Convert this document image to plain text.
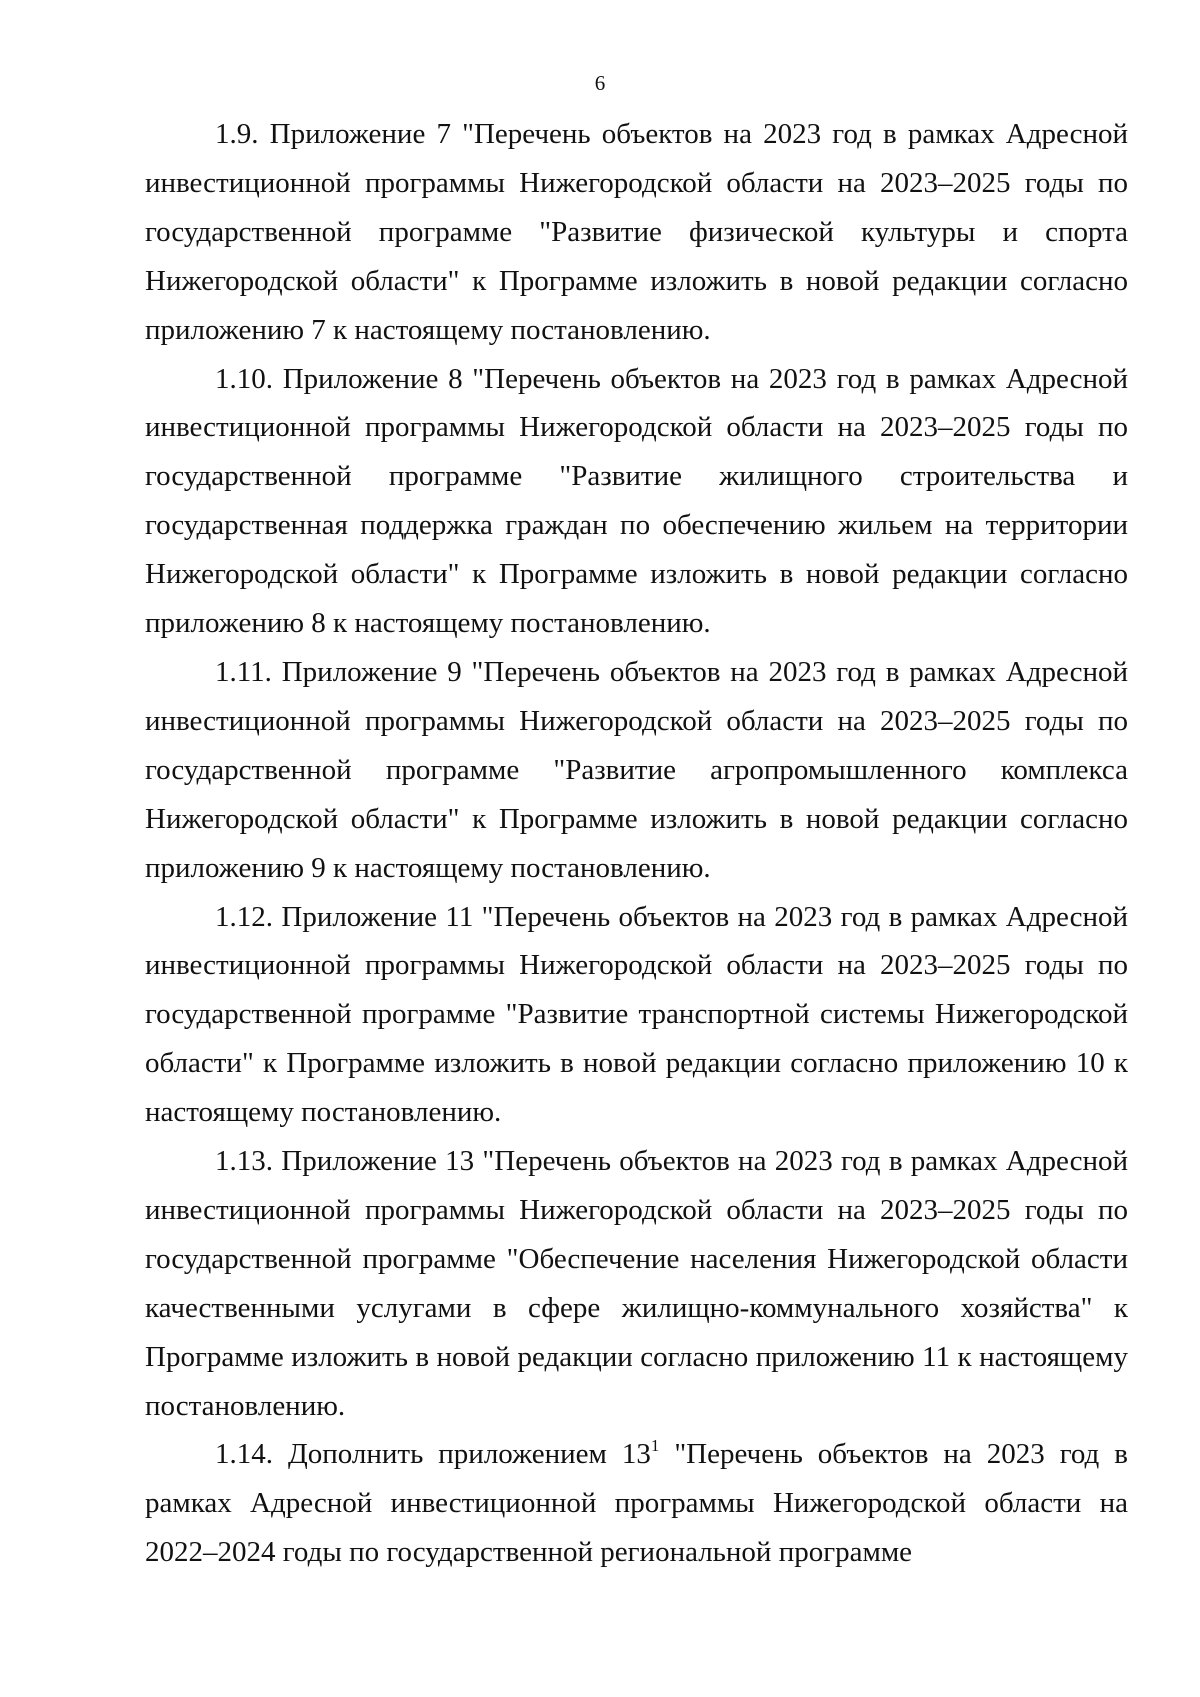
6

1.9. Приложение 7 "Перечень объектов на 2023 год в рамках Адресной инвестиционной программы Нижегородской области на 2023–2025 годы по государственной программе "Развитие физической культуры и спорта Нижегородской области" к Программе изложить в новой редакции согласно приложению 7 к настоящему постановлению.

1.10. Приложение 8 "Перечень объектов на 2023 год в рамках Адресной инвестиционной программы Нижегородской области на 2023–2025 годы по государственной программе "Развитие жилищного строительства и государственная поддержка граждан по обеспечению жильем на территории Нижегородской области" к Программе изложить в новой редакции согласно приложению 8 к настоящему постановлению.

1.11. Приложение 9 "Перечень объектов на 2023 год в рамках Адресной инвестиционной программы Нижегородской области на 2023–2025 годы по государственной программе "Развитие агропромышленного комплекса Нижегородской области" к Программе изложить в новой редакции согласно приложению 9 к настоящему постановлению.

1.12. Приложение 11 "Перечень объектов на 2023 год в рамках Адресной инвестиционной программы Нижегородской области на 2023–2025 годы по государственной программе "Развитие транспортной системы Нижегородской области" к Программе изложить в новой редакции согласно приложению 10 к настоящему постановлению.

1.13. Приложение 13 "Перечень объектов на 2023 год в рамках Адресной инвестиционной программы Нижегородской области на 2023–2025 годы по государственной программе "Обеспечение населения Нижегородской области качественными услугами в сфере жилищно-коммунального хозяйства" к Программе изложить в новой редакции согласно приложению 11 к настоящему постановлению.

1.14. Дополнить приложением $13^1$ "Перечень объектов на 2023 год в рамках Адресной инвестиционной программы Нижегородской области на 2022–2024 годы по государственной региональной программе
